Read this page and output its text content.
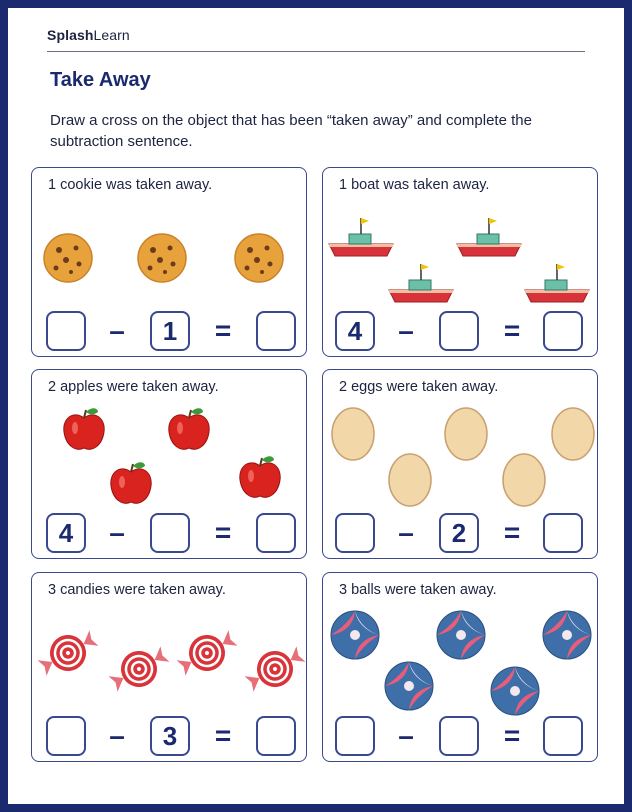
SplashLearn
Take Away
Draw a cross on the object that has been “taken away” and complete the subtraction sentence.
1 cookie was taken away.
–	1	=
1 boat was taken away.
4	–	=
2 apples were taken away.
4	–	=
2 eggs were taken away.
–	2	=
3 candies were taken away.
–	3	=
3 balls were taken away.
–	=
